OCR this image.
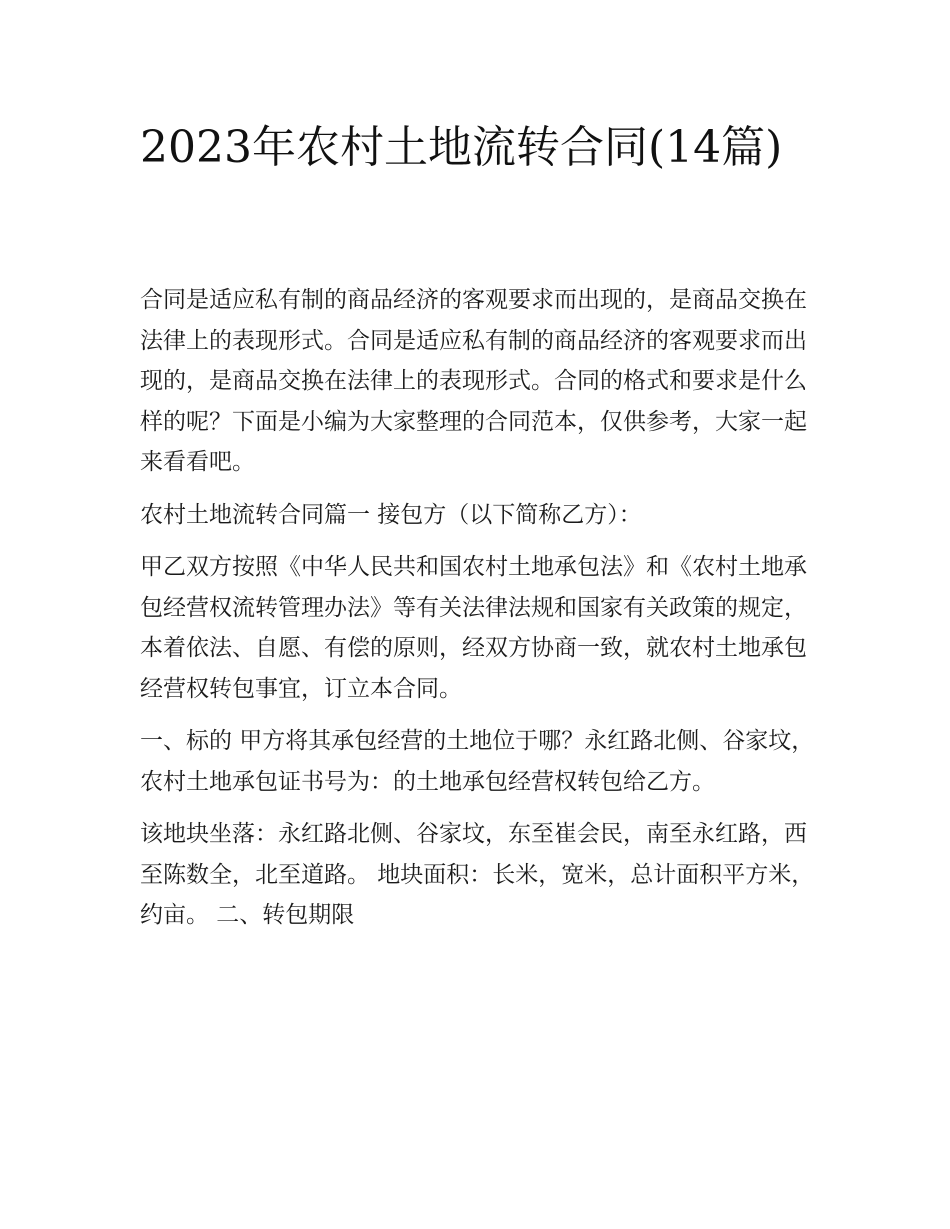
2023年农村土地流转合同(14篇)

合同是适应私有制的商品经济的客观要求而出现的，是商品交换在法律上的表现形式。合同是适应私有制的商品经济的客观要求而出现的，是商品交换在法律上的表现形式。合同的格式和要求是什么样的呢？下面是小编为大家整理的合同范本，仅供参考，大家一起来看看吧。

农村土地流转合同篇一 接包方（以下简称乙方）：

甲乙双方按照《中华人民共和国农村土地承包法》和《农村土地承包经营权流转管理办法》等有关法律法规和国家有关政策的规定，本着依法、自愿、有偿的原则，经双方协商一致，就农村土地承包经营权转包事宜，订立本合同。

一、标的 甲方将其承包经营的土地位于哪？永红路北侧、谷家坟，农村土地承包证书号为：的土地承包经营权转包给乙方。

该地块坐落：永红路北侧、谷家坟，东至崔会民，南至永红路，西至陈数全，北至道路。 地块面积：长米，宽米，总计面积平方米，约亩。 二、转包期限
